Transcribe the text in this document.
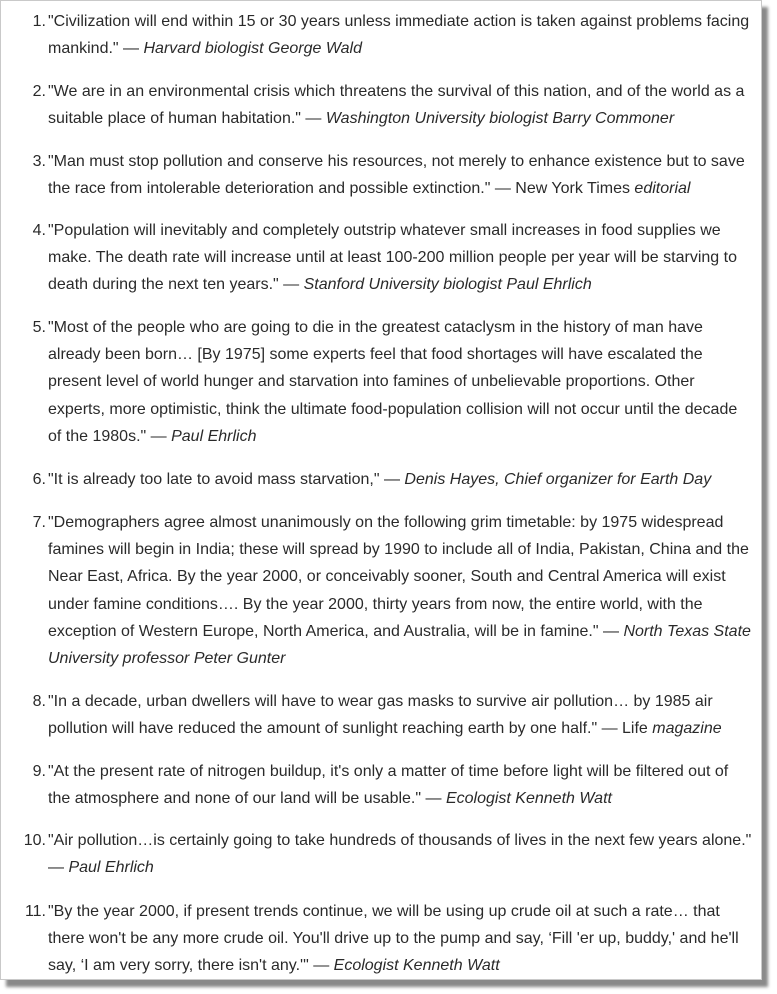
1. "Civilization will end within 15 or 30 years unless immediate action is taken against problems facing mankind." — Harvard biologist George Wald
2. "We are in an environmental crisis which threatens the survival of this nation, and of the world as a suitable place of human habitation." — Washington University biologist Barry Commoner
3. "Man must stop pollution and conserve his resources, not merely to enhance existence but to save the race from intolerable deterioration and possible extinction." — New York Times editorial
4. "Population will inevitably and completely outstrip whatever small increases in food supplies we make. The death rate will increase until at least 100-200 million people per year will be starving to death during the next ten years." — Stanford University biologist Paul Ehrlich
5. "Most of the people who are going to die in the greatest cataclysm in the history of man have already been born… [By 1975] some experts feel that food shortages will have escalated the present level of world hunger and starvation into famines of unbelievable proportions. Other experts, more optimistic, think the ultimate food-population collision will not occur until the decade of the 1980s." — Paul Ehrlich
6. "It is already too late to avoid mass starvation," — Denis Hayes, Chief organizer for Earth Day
7. "Demographers agree almost unanimously on the following grim timetable: by 1975 widespread famines will begin in India; these will spread by 1990 to include all of India, Pakistan, China and the Near East, Africa. By the year 2000, or conceivably sooner, South and Central America will exist under famine conditions…. By the year 2000, thirty years from now, the entire world, with the exception of Western Europe, North America, and Australia, will be in famine." — North Texas State University professor Peter Gunter
8. "In a decade, urban dwellers will have to wear gas masks to survive air pollution… by 1985 air pollution will have reduced the amount of sunlight reaching earth by one half." — Life magazine
9. "At the present rate of nitrogen buildup, it's only a matter of time before light will be filtered out of the atmosphere and none of our land will be usable." — Ecologist Kenneth Watt
10. "Air pollution…is certainly going to take hundreds of thousands of lives in the next few years alone." — Paul Ehrlich
11. "By the year 2000, if present trends continue, we will be using up crude oil at such a rate… that there won't be any more crude oil. You'll drive up to the pump and say, ‘Fill 'er up, buddy,' and he'll say, ‘I am very sorry, there isn't any.'" — Ecologist Kenneth Watt
